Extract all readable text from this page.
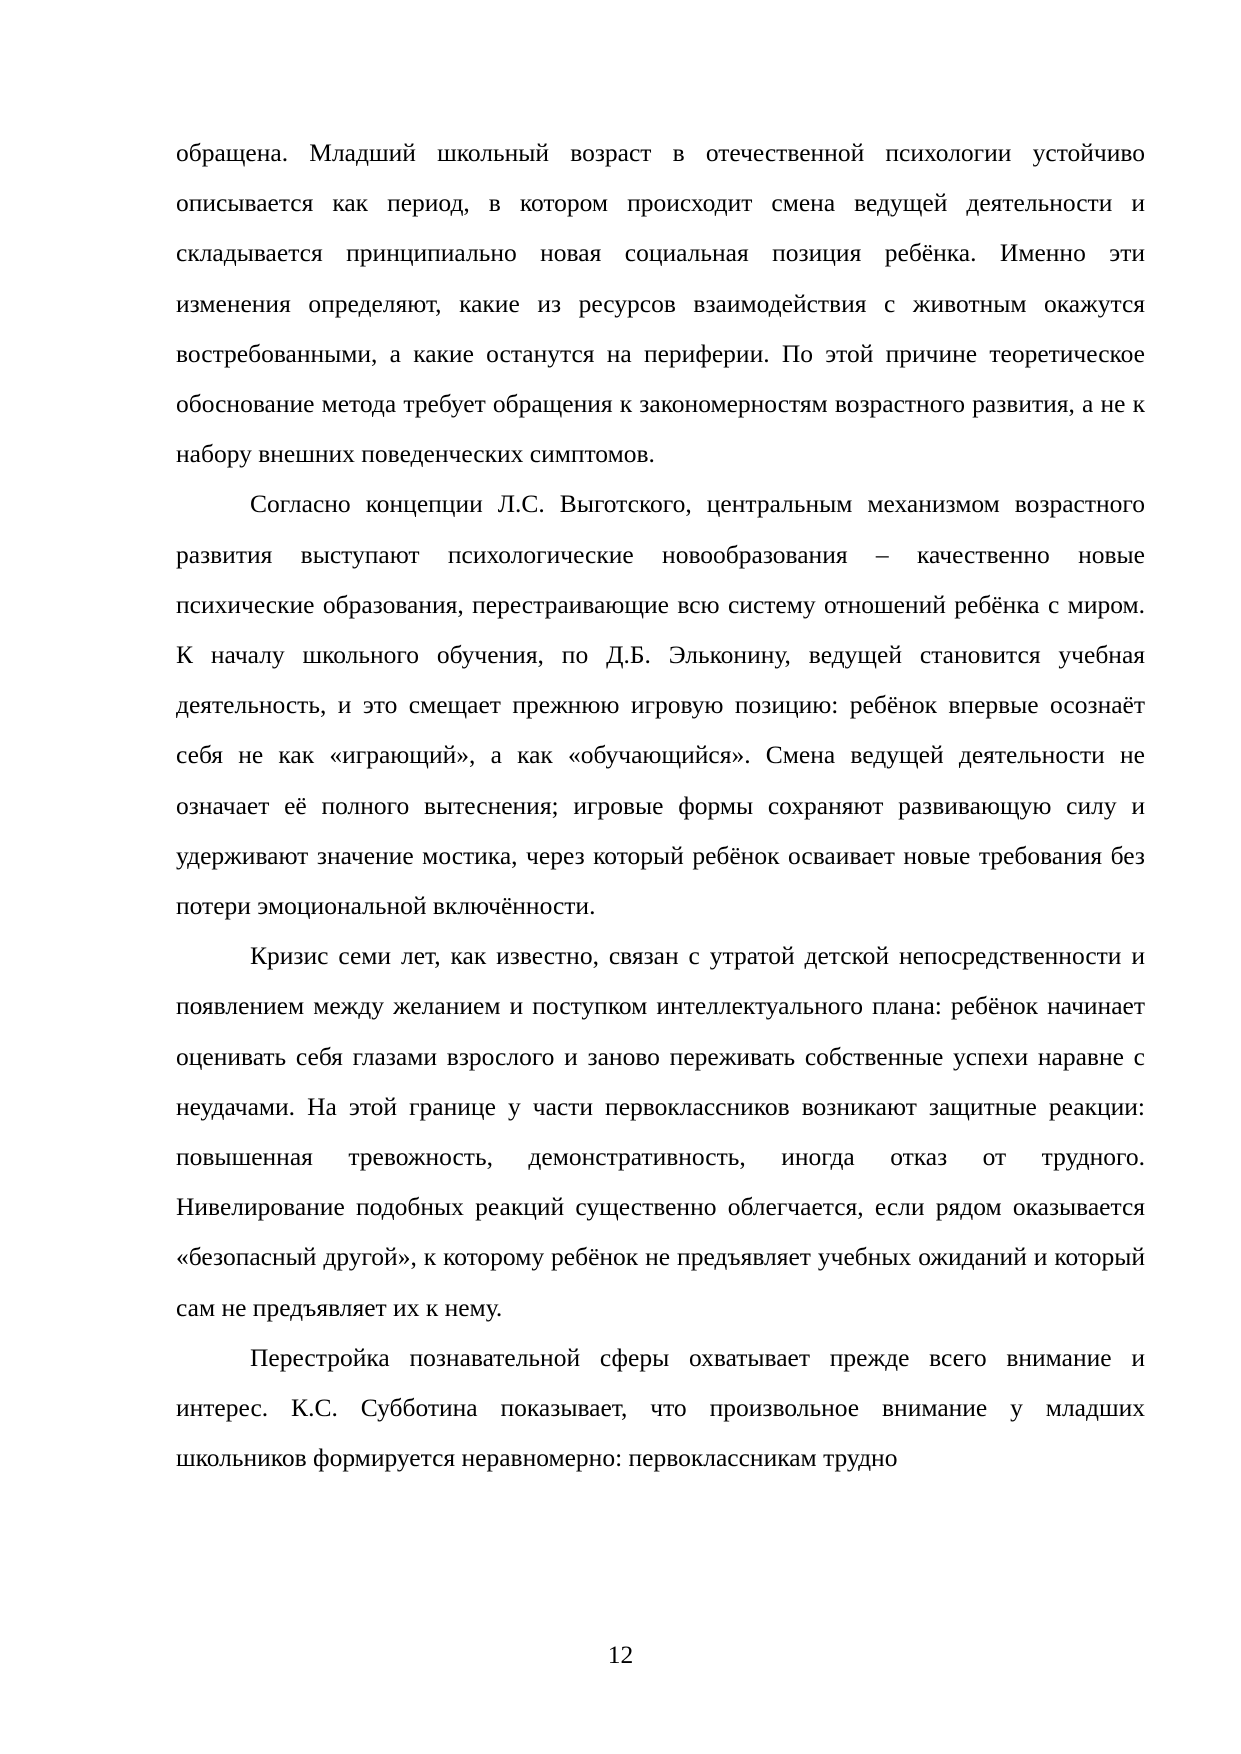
обращена. Младший школьный возраст в отечественной психологии устойчиво описывается как период, в котором происходит смена ведущей деятельности и складывается принципиально новая социальная позиция ребёнка. Именно эти изменения определяют, какие из ресурсов взаимодействия с животным окажутся востребованными, а какие останутся на периферии. По этой причине теоретическое обоснование метода требует обращения к закономерностям возрастного развития, а не к набору внешних поведенческих симптомов.

Согласно концепции Л.С. Выготского, центральным механизмом возрастного развития выступают психологические новообразования – качественно новые психические образования, перестраивающие всю систему отношений ребёнка с миром. К началу школьного обучения, по Д.Б. Эльконину, ведущей становится учебная деятельность, и это смещает прежнюю игровую позицию: ребёнок впервые осознаёт себя не как «играющий», а как «обучающийся». Смена ведущей деятельности не означает её полного вытеснения; игровые формы сохраняют развивающую силу и удерживают значение мостика, через который ребёнок осваивает новые требования без потери эмоциональной включённости.

Кризис семи лет, как известно, связан с утратой детской непосредственности и появлением между желанием и поступком интеллектуального плана: ребёнок начинает оценивать себя глазами взрослого и заново переживать собственные успехи наравне с неудачами. На этой границе у части первоклассников возникают защитные реакции: повышенная тревожность, демонстративность, иногда отказ от трудного. Нивелирование подобных реакций существенно облегчается, если рядом оказывается «безопасный другой», к которому ребёнок не предъявляет учебных ожиданий и который сам не предъявляет их к нему.

Перестройка познавательной сферы охватывает прежде всего внимание и интерес. К.С. Субботина показывает, что произвольное внимание у младших школьников формируется неравномерно: первоклассникам трудно

12
